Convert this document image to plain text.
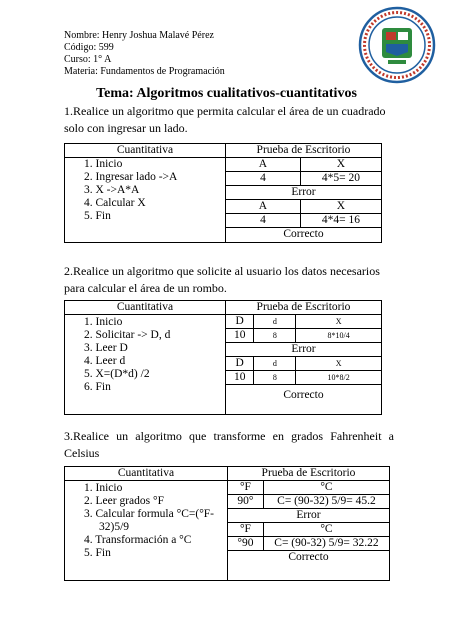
Nombre: Henry Joshua Malavé Pérez
Código: 599
Curso: 1° A
Materia: Fundamentos de Programación
Tema: Algoritmos cualitativos-cuantitativos
1.Realice un algoritmo que permita calcular el área de un cuadrado solo con ingresar un lado.
Cuantitativa	Prueba de Escritorio

1. Inicio
2. Ingresar lado ->A
3. X ->A*A
4. Calcular X
5. Fin

A	X
4	4*5= 20
Error
A	X
4	4*4= 16
Correcto
2.Realice un algoritmo que solicite al usuario los datos necesarios para calcular el área de un rombo.
Cuantitativa	Prueba de Escritorio

1. Inicio
2. Solicitar -> D, d
3. Leer D
4. Leer d
5. X=(D*d) /2
6. Fin

D	d	X
10	8	8*10/4
Error
D	d	X
10	8	10*8/2
Correcto
3.Realice un algoritmo que transforme en grados Fahrenheit a Celsius
Cuantitativa	Prueba de Escritorio

1. Inicio
2. Leer grados °F
3. Calcular formula °C=(°F-
32)5/9
4. Transformación a °C
5. Fin

°F	°C
90°	C= (90-32) 5/9= 45.2
Error
°F	°C
°90	C= (90-32) 5/9= 32.22
Correcto
